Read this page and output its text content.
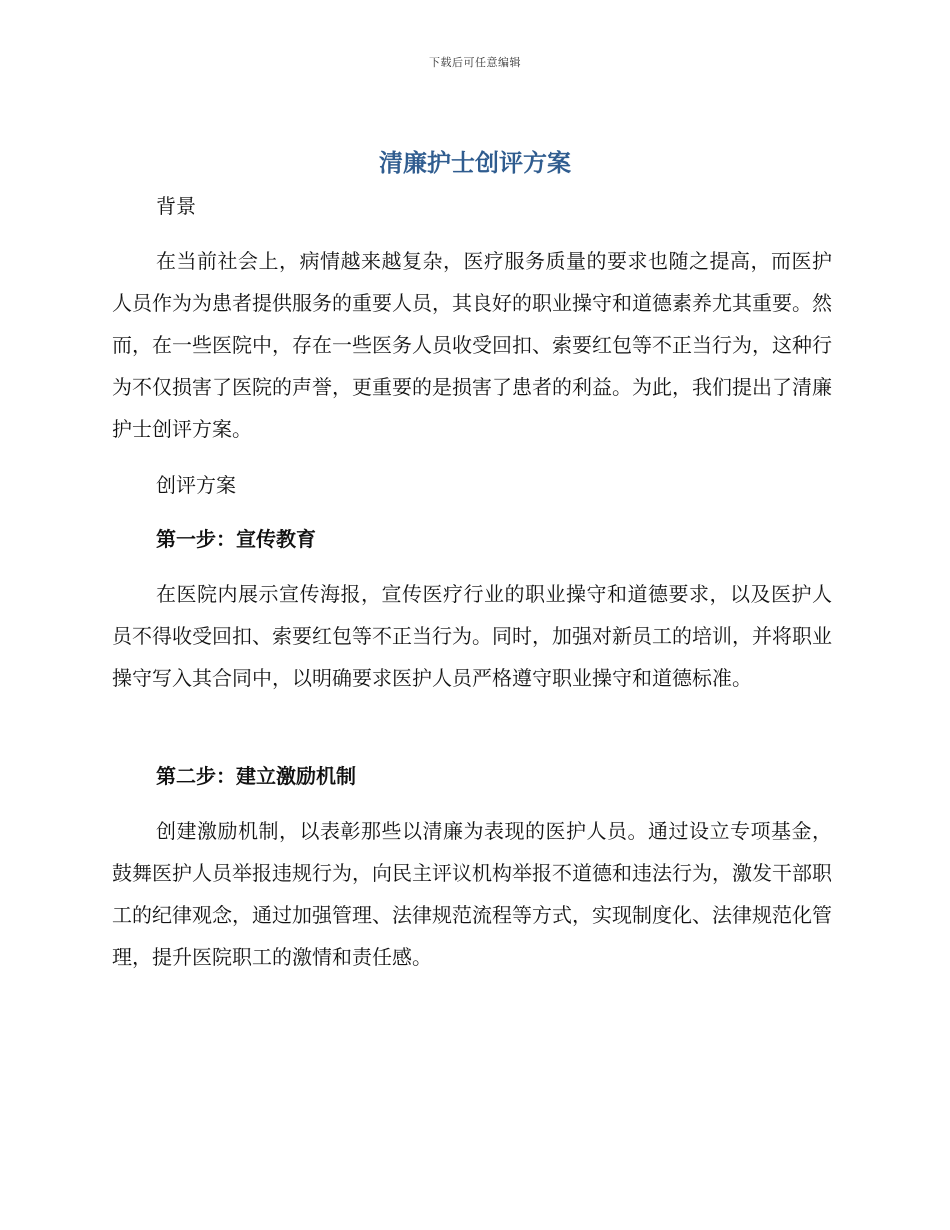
下载后可任意编辑
清廉护士创评方案
背景
在当前社会上，病情越来越复杂，医疗服务质量的要求也随之提高，而医护人员作为为患者提供服务的重要人员，其良好的职业操守和道德素养尤其重要。然而，在一些医院中，存在一些医务人员收受回扣、索要红包等不正当行为，这种行为不仅损害了医院的声誉，更重要的是损害了患者的利益。为此，我们提出了清廉护士创评方案。
创评方案
第一步：宣传教育
在医院内展示宣传海报，宣传医疗行业的职业操守和道德要求，以及医护人员不得收受回扣、索要红包等不正当行为。同时，加强对新员工的培训，并将职业操守写入其合同中，以明确要求医护人员严格遵守职业操守和道德标准。
第二步：建立激励机制
创建激励机制，以表彰那些以清廉为表现的医护人员。通过设立专项基金，鼓舞医护人员举报违规行为，向民主评议机构举报不道德和违法行为，激发干部职工的纪律观念，通过加强管理、法律规范流程等方式，实现制度化、法律规范化管理，提升医院职工的激情和责任感。
